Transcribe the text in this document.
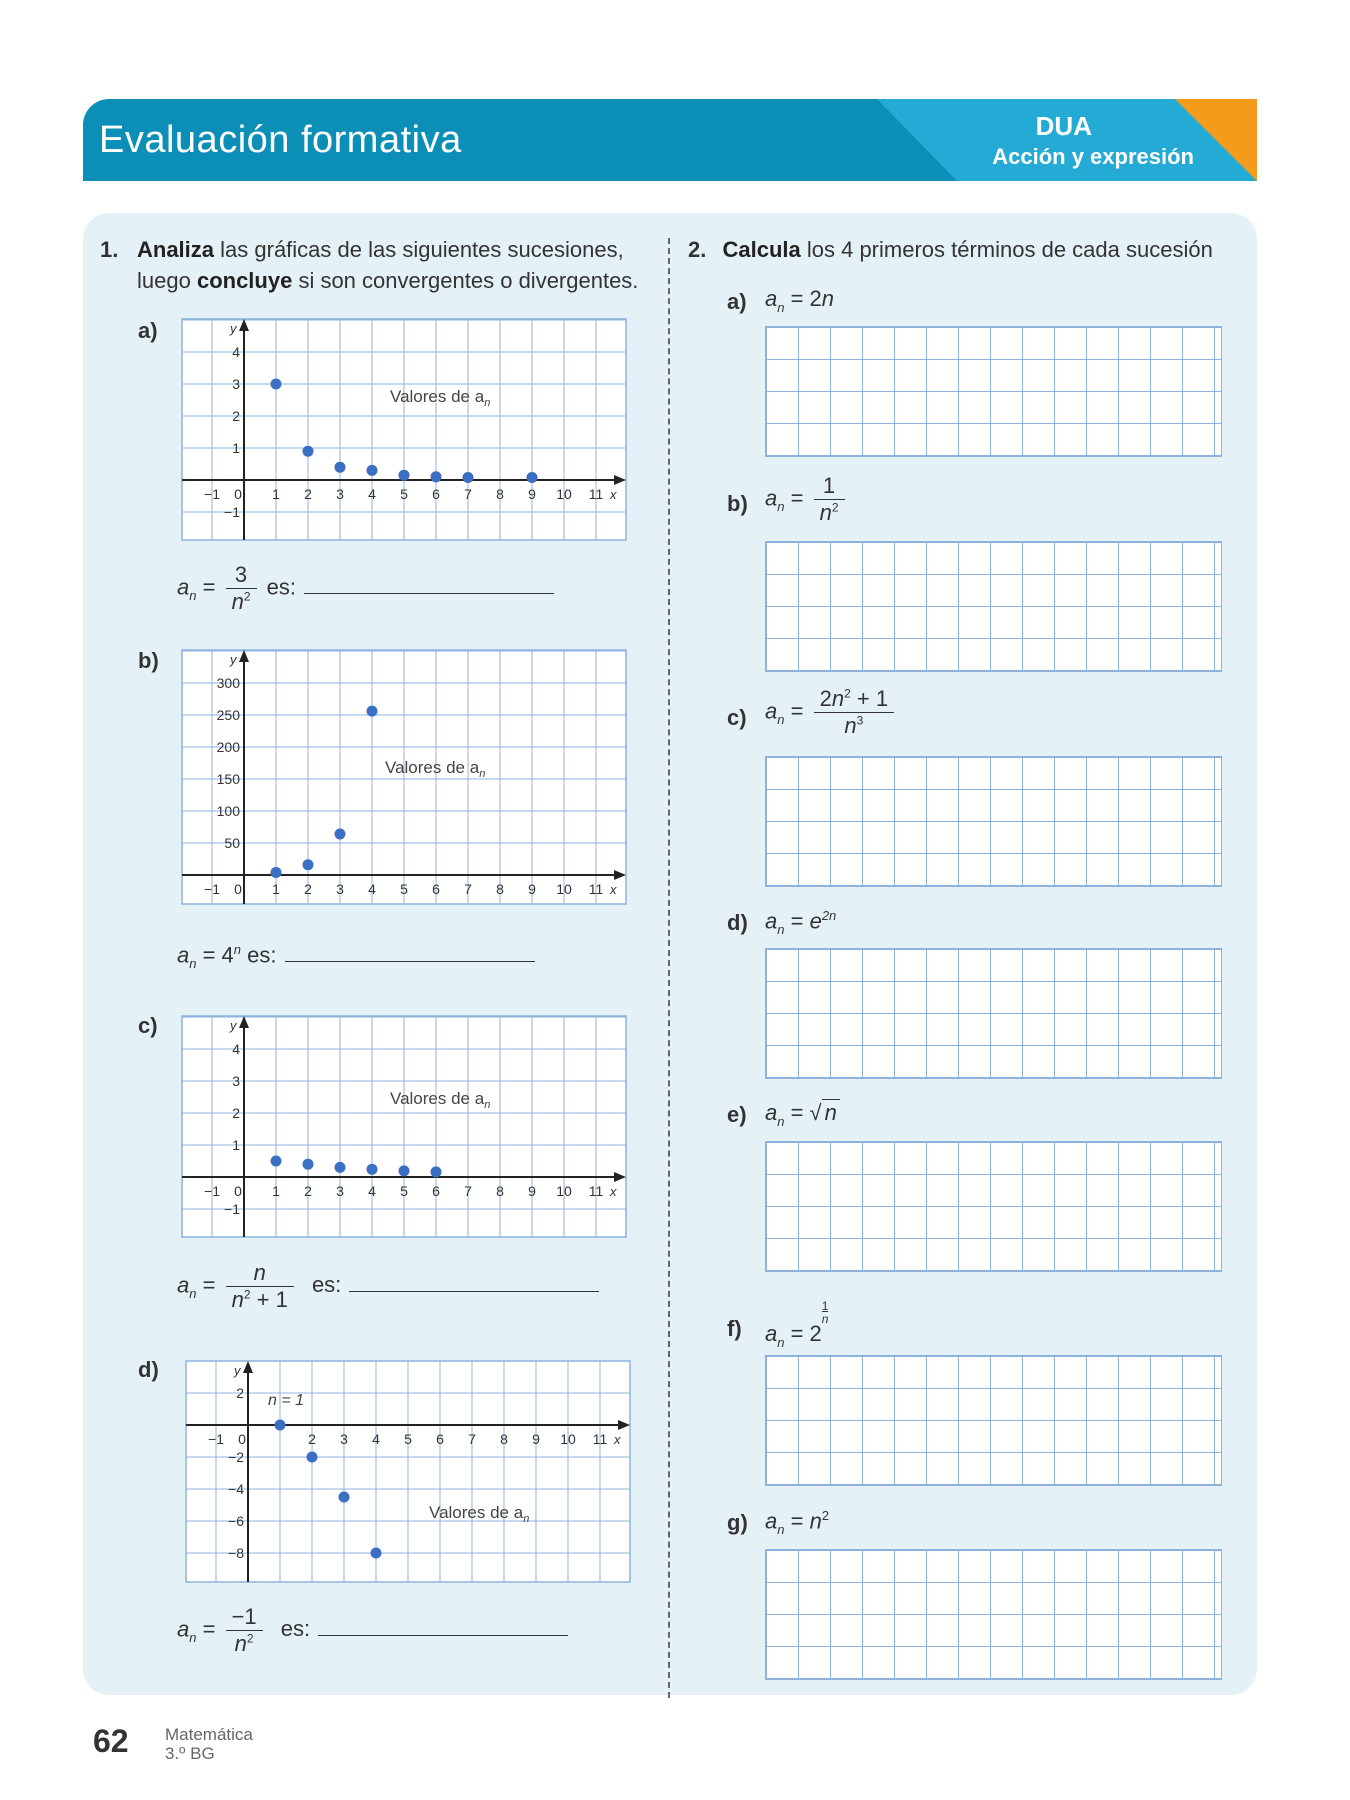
Evaluación formativa	DUA
Acción y expresión
1. Analiza las gráficas de las siguientes sucesiones,
luego concluye si son convergentes o divergentes.
a)
b)
c)
d)
x
y
−1 0 1 2 3 4 5 6 7 8 9 10 11
4
3
2
1
−1
Valores de $a_n$
x
y
−1 0 1 2 3 4 5 6 7 8 9 10 11
300
250
200
150
100
50
Valores de $a_n$
x
y
−1 0 1 2 3 4 5 6 7 8 9 10 11
4
3
2
1
−1
Valores de $a_n$
x
y
−1 0	2 3 4 5 6 7 8 9 10 11
2
−2
−4
−6
−8
Valores de $a_n$
n = 1
$a_n = \frac{3}{n^2}$ es:
$a_n = 4^n$ es:
$a_n = \frac{n}{n^2 + 1}$ es:
$a_n = \frac{-1}{n^2}$ es:
2. Calcula los 4 primeros términos de cada sucesión
a) $a_n = 2n$
b) $a_n = \frac{1}{n^2}$
c) $a_n = \frac{2n^2 + 1}{n^3}$
d) $a_n = e^{2n}$
e) $a_n$ = √ n
f) $a_n = 2^{1 n}$
g) $a_n = n^2$
62 Matemática
3.º BG
